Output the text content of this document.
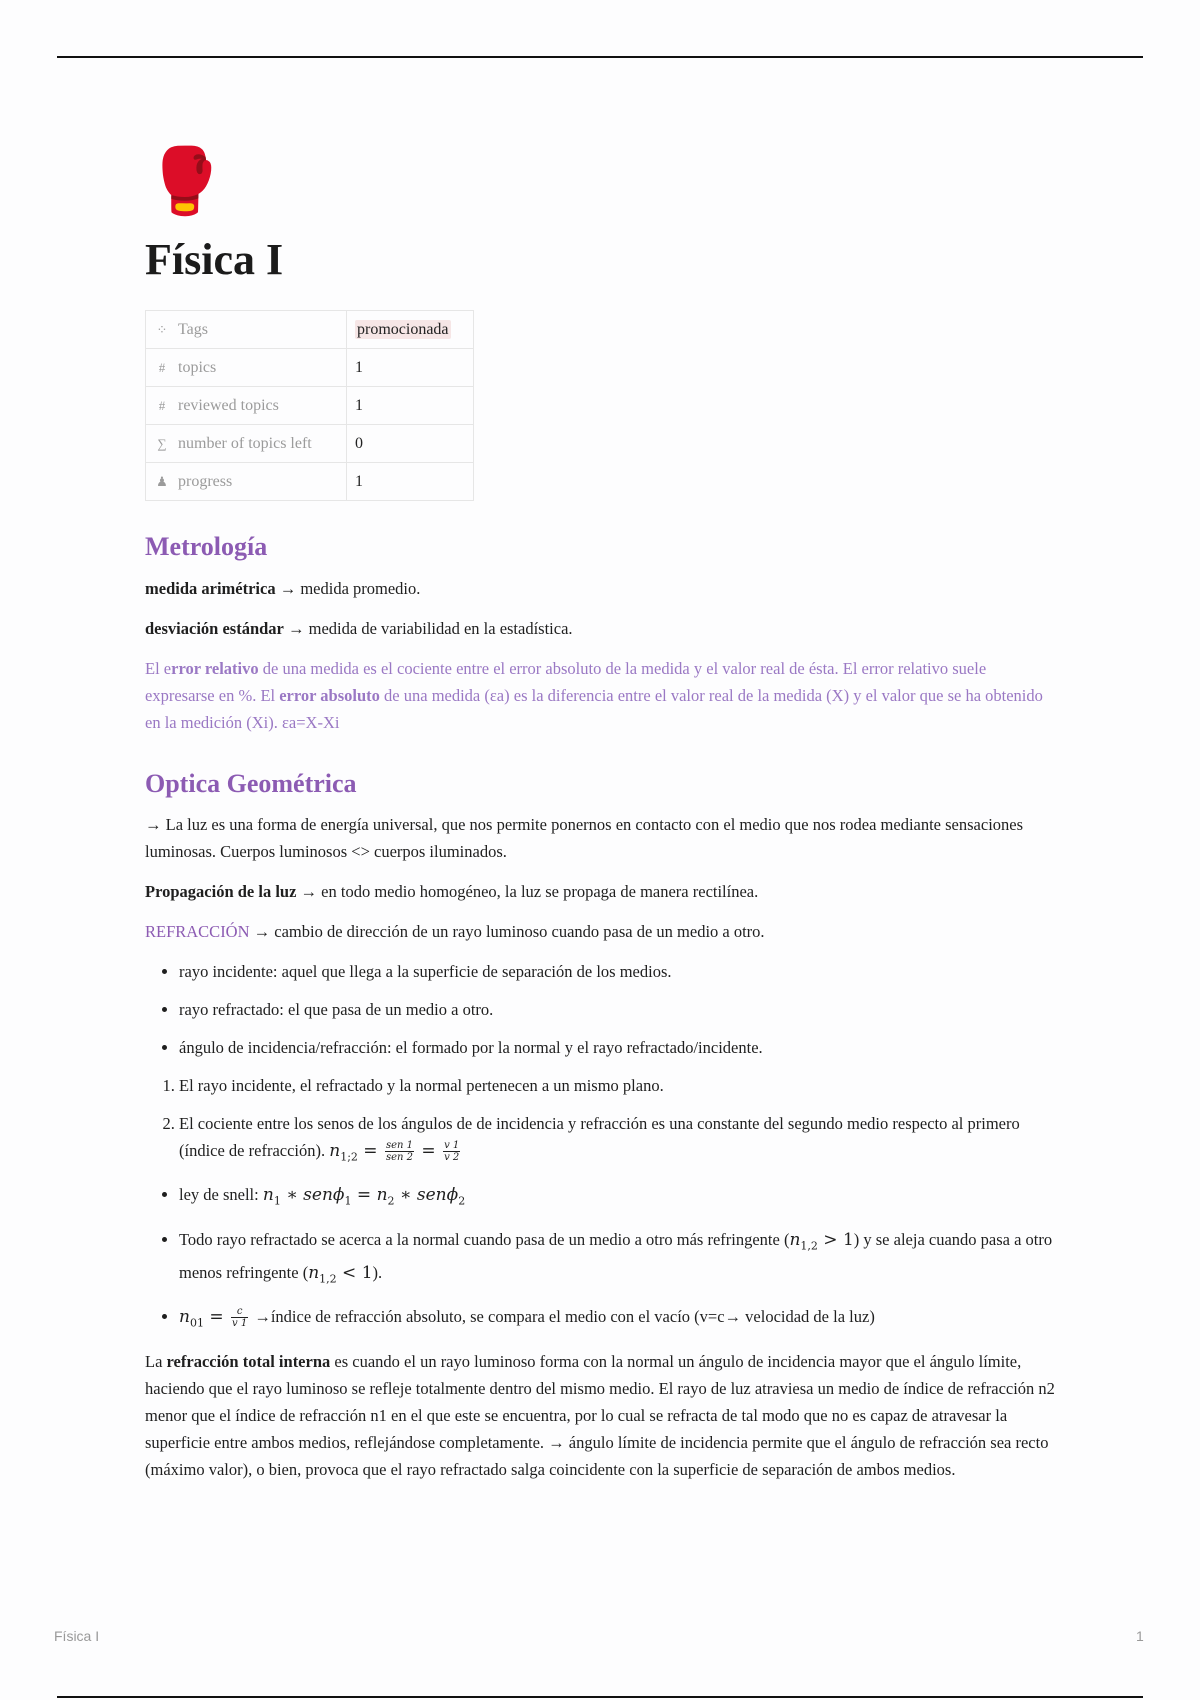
🥊
Física I
⁘ Tags	promocionada
# topics	1
# reviewed topics	1
∑ number of topics left	0
♟ progress	1
Metrología

medida arimétrica → medida promedio.

desviación estándar → medida de variabilidad en la estadística.

El error relativo de una medida es el cociente entre el error absoluto de la medida y el valor real de ésta. El error relativo suele expresarse en %. El error absoluto de una medida (εa) es la diferencia entre el valor real de la medida (X) y el valor que se ha obtenido en la medición (Xi). εa=X-Xi

Optica Geométrica

→ La luz es una forma de energía universal, que nos permite ponernos en contacto con el medio que nos rodea mediante sensaciones luminosas. Cuerpos luminosos <> cuerpos iluminados.

Propagación de la luz → en todo medio homogéneo, la luz se propaga de manera rectilínea.

REFRACCIÓN → cambio de dirección de un rayo luminoso cuando pasa de un medio a otro.

• rayo incidente: aquel que llega a la superficie de separación de los medios.
• rayo refractado: el que pasa de un medio a otro.
• ángulo de incidencia/refracción: el formado por la normal y el rayo refractado/incidente.
1. El rayo incidente, el refractado y la normal pertenecen a un mismo plano.
2. El cociente entre los senos de los ángulos de de incidencia y refracción es una constante del segundo medio respecto al primero (índice de refracción). $n_{1;2} = \frac{\text{sen 1}}{\text{sen 2}} = \frac{v 1}{v 2}$
• ley de snell: $n_1$ ∗ $sen\phi_1 = n_2$ ∗ senϕ$_2$
• Todo rayo refractado se acerca a la normal cuando pasa de un medio a otro más refringente $(n_{1,2} > 1)$ y se aleja cuando pasa a otro menos refringente $(n_{1,2} < 1)$.
• $n_{01} = \frac{c}{v 1}$ →índice de refracción absoluto, se compara el medio con el vacío (v=c→ velocidad de la luz)

La refracción total interna es cuando el un rayo luminoso forma con la normal un ángulo de incidencia mayor que el ángulo límite, haciendo que el rayo luminoso se refleje totalmente dentro del mismo medio. El rayo de luz atraviesa un medio de índice de refracción n2 menor que el índice de refracción n1 en el que este se encuentra, por lo cual se refracta de tal modo que no es capaz de atravesar la superficie entre ambos medios, reflejándose completamente. → ángulo límite de incidencia permite que el ángulo de refracción sea recto (máximo valor), o bien, provoca que el rayo refractado salga coincidente con la superficie de separación de ambos medios.

Física I	1
